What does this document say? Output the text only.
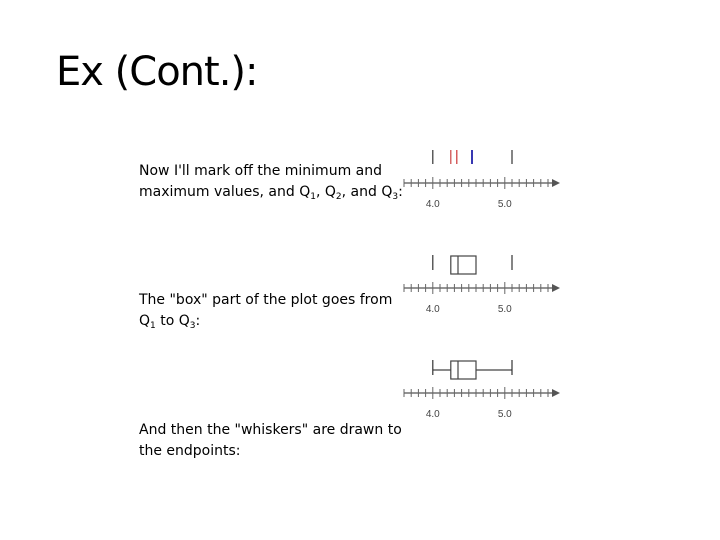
Ex (Cont.):
Now I'll mark off the minimum and maximum values, and $Q_1$, $Q_2$, and $Q_3$:
The "box" part of the plot goes from $Q_1$ to $Q_3$:
And then the "whiskers" are drawn to the endpoints:
4.0	5.0
4.0	5.0
4.0	5.0
